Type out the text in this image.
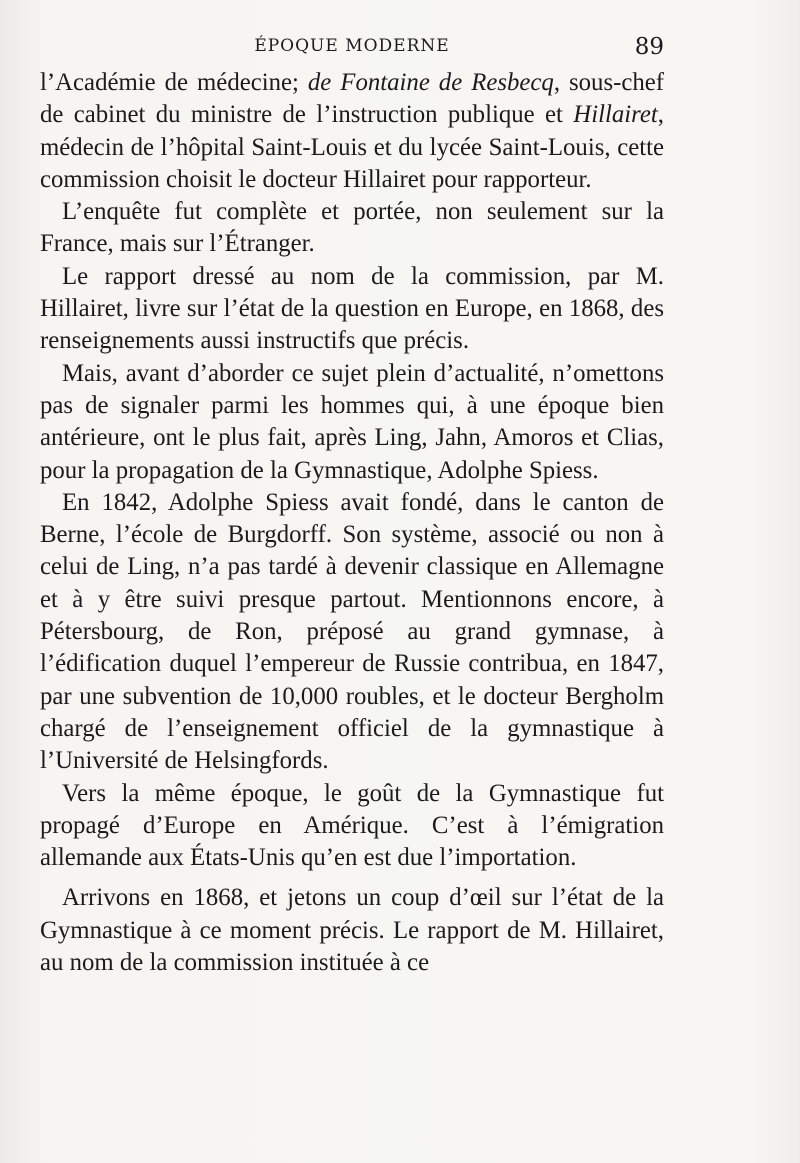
ÉPOQUE MODERNE	89

l’Académie de médecine; de Fontaine de Resbecq, sous-chef de cabinet du ministre de l’instruction publique et Hillairet, médecin de l’hôpital Saint-Louis et du lycée Saint-Louis, cette commission choisit le docteur Hillairet pour rapporteur.

L’enquête fut complète et portée, non seulement sur la France, mais sur l’Étranger.

Le rapport dressé au nom de la commission, par M. Hillairet, livre sur l’état de la question en Europe, en 1868, des renseignements aussi instructifs que précis.

Mais, avant d’aborder ce sujet plein d’actualité, n’omettons pas de signaler parmi les hommes qui, à une époque bien antérieure, ont le plus fait, après Ling, Jahn, Amoros et Clias, pour la propagation de la Gymnastique, Adolphe Spiess.

En 1842, Adolphe Spiess avait fondé, dans le canton de Berne, l’école de Burgdorff. Son système, associé ou non à celui de Ling, n’a pas tardé à devenir classique en Allemagne et à y être suivi presque partout. Mentionnons encore, à Pétersbourg, de Ron, préposé au grand gymnase, à l’édification duquel l’empereur de Russie contribua, en 1847, par une subvention de 10,000 roubles, et le docteur Bergholm chargé de l’enseignement officiel de la gymnastique à l’Université de Helsingfords.

Vers la même époque, le goût de la Gymnastique fut propagé d’Europe en Amérique. C’est à l’émigration allemande aux États-Unis qu’en est due l’importation.

Arrivons en 1868, et jetons un coup d’œil sur l’état de la Gymnastique à ce moment précis. Le rapport de M. Hillairet, au nom de la commission instituée à ce
